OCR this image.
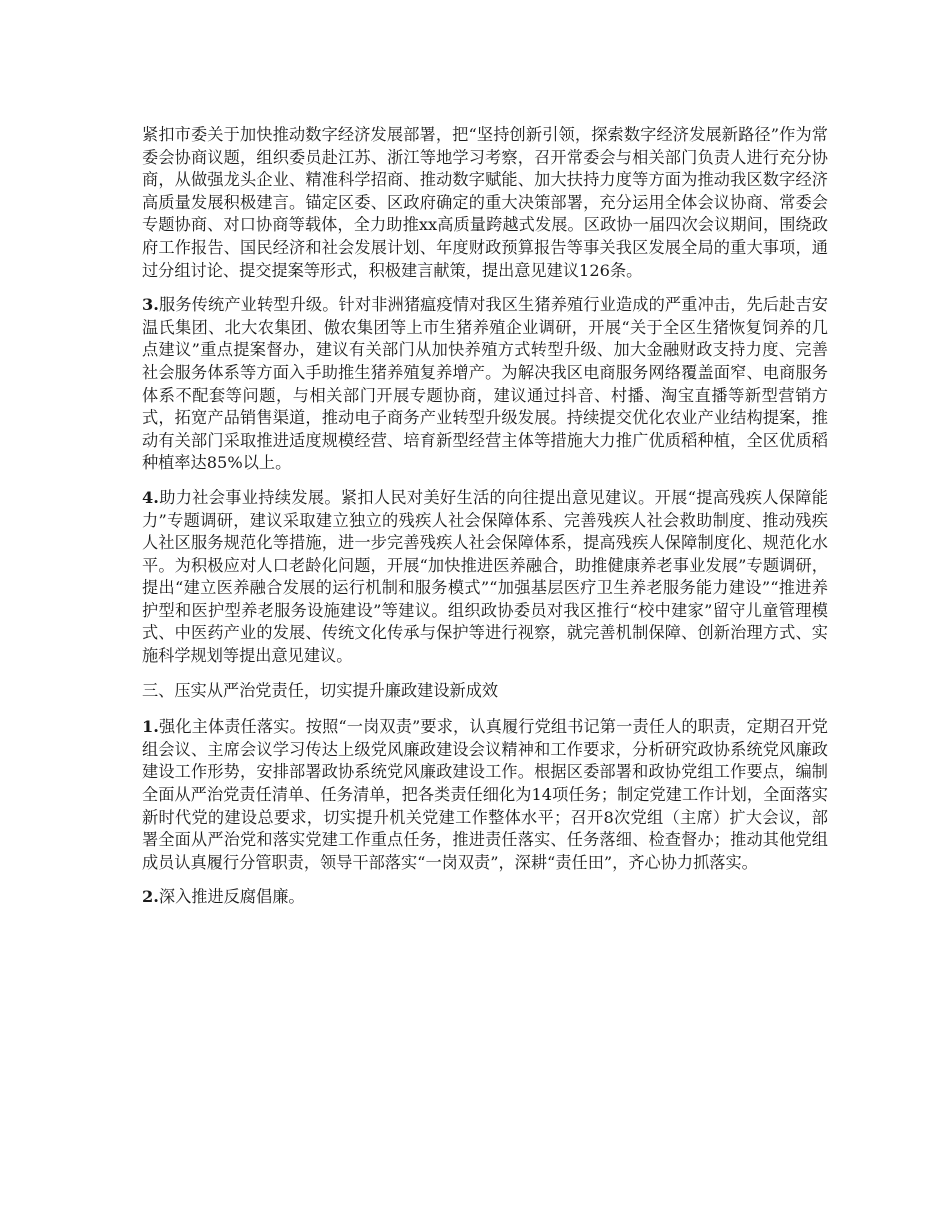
紧扣市委关于加快推动数字经济发展部署，把“坚持创新引领，探索数字经济发展新路径”作为常委会协商议题，组织委员赴江苏、浙江等地学习考察，召开常委会与相关部门负责人进行充分协商，从做强龙头企业、精准科学招商、推动数字赋能、加大扶持力度等方面为推动我区数字经济高质量发展积极建言。锚定区委、区政府确定的重大决策部署，充分运用全体会议协商、常委会专题协商、对口协商等载体，全力助推xx高质量跨越式发展。区政协一届四次会议期间，围绕政府工作报告、国民经济和社会发展计划、年度财政预算报告等事关我区发展全局的重大事项，通过分组讨论、提交提案等形式，积极建言献策，提出意见建议126条。

3.服务传统产业转型升级。针对非洲猪瘟疫情对我区生猪养殖行业造成的严重冲击，先后赴吉安温氏集团、北大农集团、傲农集团等上市生猪养殖企业调研，开展“关于全区生猪恢复饲养的几点建议”重点提案督办，建议有关部门从加快养殖方式转型升级、加大金融财政支持力度、完善社会服务体系等方面入手助推生猪养殖复养增产。为解决我区电商服务网络覆盖面窄、电商服务体系不配套等问题，与相关部门开展专题协商，建议通过抖音、村播、淘宝直播等新型营销方式，拓宽产品销售渠道，推动电子商务产业转型升级发展。持续提交优化农业产业结构提案，推动有关部门采取推进适度规模经营、培育新型经营主体等措施大力推广优质稻种植，全区优质稻种植率达85%以上。

4.助力社会事业持续发展。紧扣人民对美好生活的向往提出意见建议。开展“提高残疾人保障能力”专题调研，建议采取建立独立的残疾人社会保障体系、完善残疾人社会救助制度、推动残疾人社区服务规范化等措施，进一步完善残疾人社会保障体系，提高残疾人保障制度化、规范化水平。为积极应对人口老龄化问题，开展“加快推进医养融合，助推健康养老事业发展”专题调研，提出“建立医养融合发展的运行机制和服务模式”“加强基层医疗卫生养老服务能力建设”“推进养护型和医护型养老服务设施建设”等建议。组织政协委员对我区推行“校中建家”留守儿童管理模式、中医药产业的发展、传统文化传承与保护等进行视察，就完善机制保障、创新治理方式、实施科学规划等提出意见建议。

三、压实从严治党责任，切实提升廉政建设新成效

1.强化主体责任落实。按照“一岗双责”要求，认真履行党组书记第一责任人的职责，定期召开党组会议、主席会议学习传达上级党风廉政建设会议精神和工作要求，分析研究政协系统党风廉政建设工作形势，安排部署政协系统党风廉政建设工作。根据区委部署和政协党组工作要点，编制全面从严治党责任清单、任务清单，把各类责任细化为14项任务；制定党建工作计划，全面落实新时代党的建设总要求，切实提升机关党建工作整体水平；召开8次党组（主席）扩大会议，部署全面从严治党和落实党建工作重点任务，推进责任落实、任务落细、检查督办；推动其他党组成员认真履行分管职责，领导干部落实“一岗双责”，深耕“责任田”，齐心协力抓落实。

2.深入推进反腐倡廉。
